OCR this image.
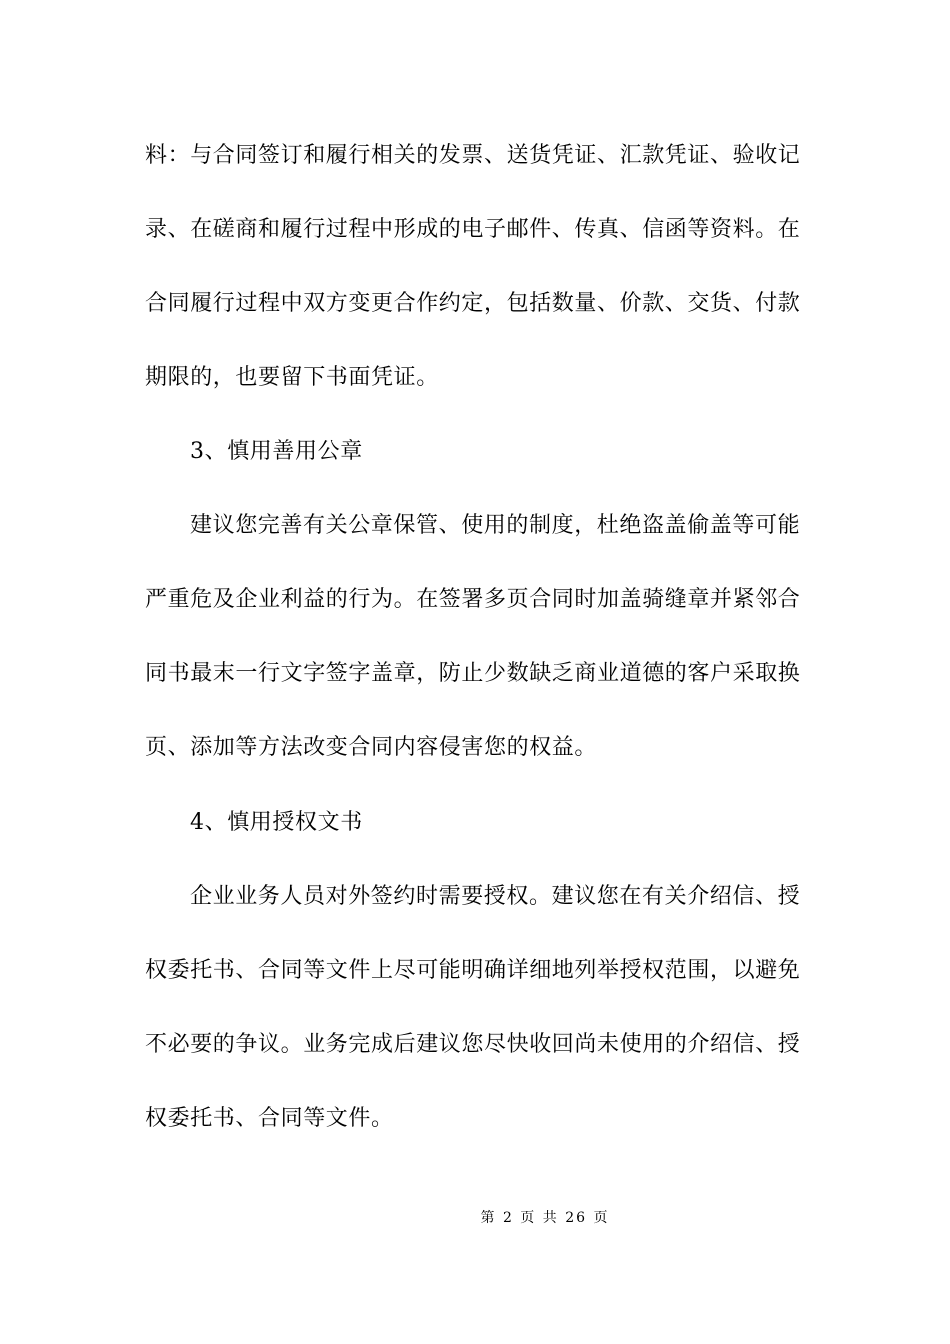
料：与合同签订和履行相关的发票、送货凭证、汇款凭证、验收记
录、在磋商和履行过程中形成的电子邮件、传真、信函等资料。在
合同履行过程中双方变更合作约定，包括数量、价款、交货、付款
期限的，也要留下书面凭证。
3、慎用善用公章
建议您完善有关公章保管、使用的制度，杜绝盗盖偷盖等可能
严重危及企业利益的行为。在签署多页合同时加盖骑缝章并紧邻合
同书最末一行文字签字盖章，防止少数缺乏商业道德的客户采取换
页、添加等方法改变合同内容侵害您的权益。
4、慎用授权文书
企业业务人员对外签约时需要授权。建议您在有关介绍信、授
权委托书、合同等文件上尽可能明确详细地列举授权范围，以避免
不必要的争议。业务完成后建议您尽快收回尚未使用的介绍信、授
权委托书、合同等文件。
第 2 页 共 26 页
